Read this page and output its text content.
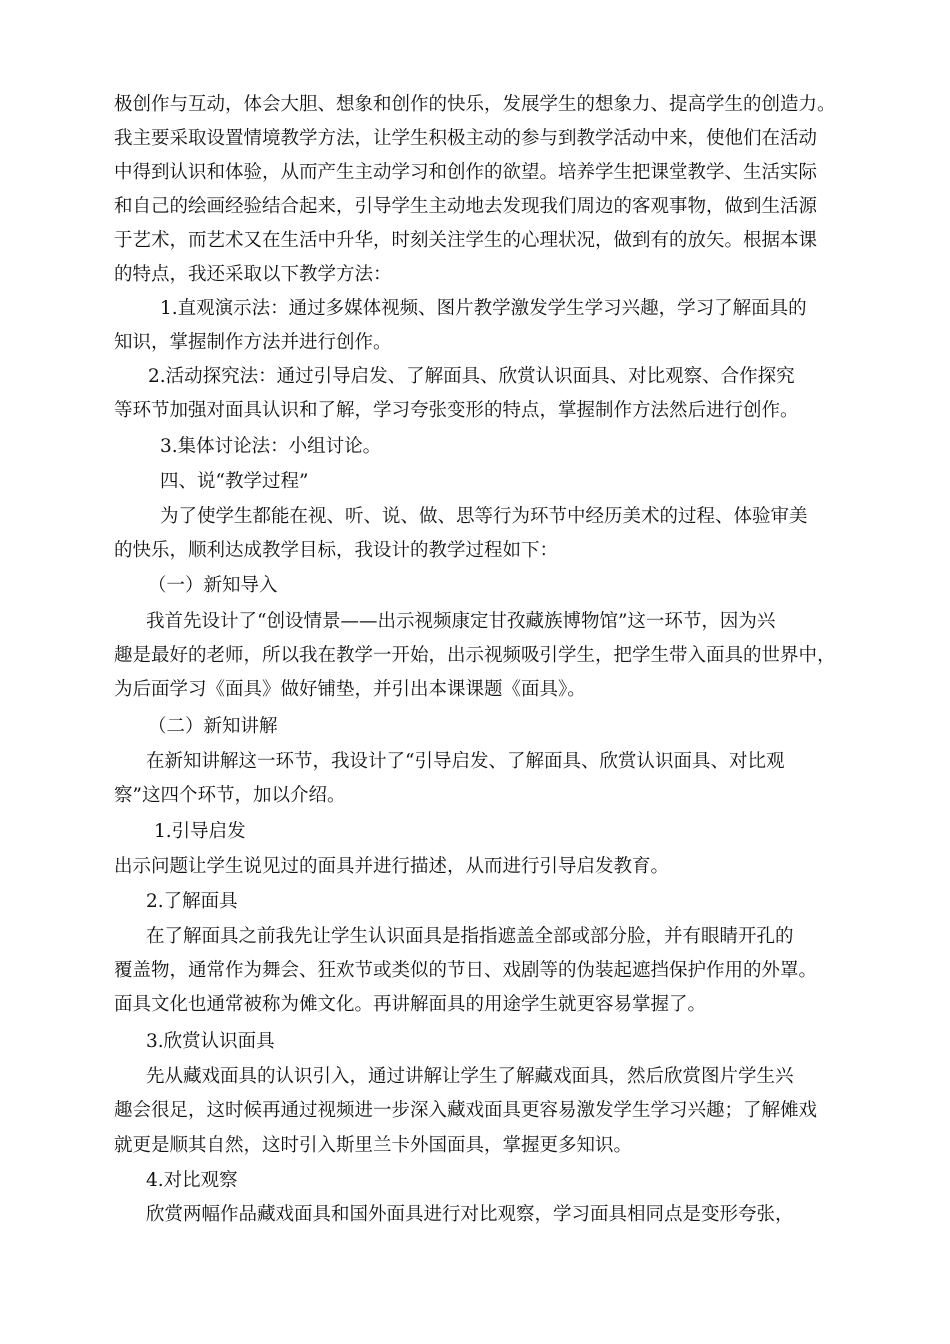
极创作与互动，体会大胆、想象和创作的快乐，发展学生的想象力、提高学生的创造力。
我主要采取设置情境教学方法，让学生积极主动的参与到教学活动中来，使他们在活动
中得到认识和体验，从而产生主动学习和创作的欲望。培养学生把课堂教学、生活实际
和自己的绘画经验结合起来，引导学生主动地去发现我们周边的客观事物，做到生活源
于艺术，而艺术又在生活中升华，时刻关注学生的心理状况，做到有的放矢。根据本课
的特点，我还采取以下教学方法：
1.直观演示法：通过多媒体视频、图片教学激发学生学习兴趣，学习了解面具的
知识，掌握制作方法并进行创作。
2.活动探究法：通过引导启发、了解面具、欣赏认识面具、对比观察、合作探究
等环节加强对面具认识和了解，学习夸张变形的特点，掌握制作方法然后进行创作。
3.集体讨论法：小组讨论。
四、说“教学过程”
为了使学生都能在视、听、说、做、思等行为环节中经历美术的过程、体验审美
的快乐，顺利达成教学目标，我设计的教学过程如下：
（一）新知导入
我首先设计了“创设情景——出示视频康定甘孜藏族博物馆”这一环节，因为兴
趣是最好的老师，所以我在教学一开始，出示视频吸引学生，把学生带入面具的世界中，
为后面学习《面具》做好铺垫，并引出本课课题《面具》。
（二）新知讲解
在新知讲解这一环节，我设计了“引导启发、了解面具、欣赏认识面具、对比观
察”这四个环节，加以介绍。
1.引导启发
出示问题让学生说见过的面具并进行描述，从而进行引导启发教育。
2.了解面具
在了解面具之前我先让学生认识面具是指指遮盖全部或部分脸，并有眼睛开孔的
覆盖物，通常作为舞会、狂欢节或类似的节日、戏剧等的伪装起遮挡保护作用的外罩。
面具文化也通常被称为傩文化。再讲解面具的用途学生就更容易掌握了。
3.欣赏认识面具
先从藏戏面具的认识引入，通过讲解让学生了解藏戏面具，然后欣赏图片学生兴
趣会很足，这时候再通过视频进一步深入藏戏面具更容易激发学生学习兴趣；了解傩戏
就更是顺其自然，这时引入斯里兰卡外国面具，掌握更多知识。
4.对比观察
欣赏两幅作品藏戏面具和国外面具进行对比观察，学习面具相同点是变形夸张，
